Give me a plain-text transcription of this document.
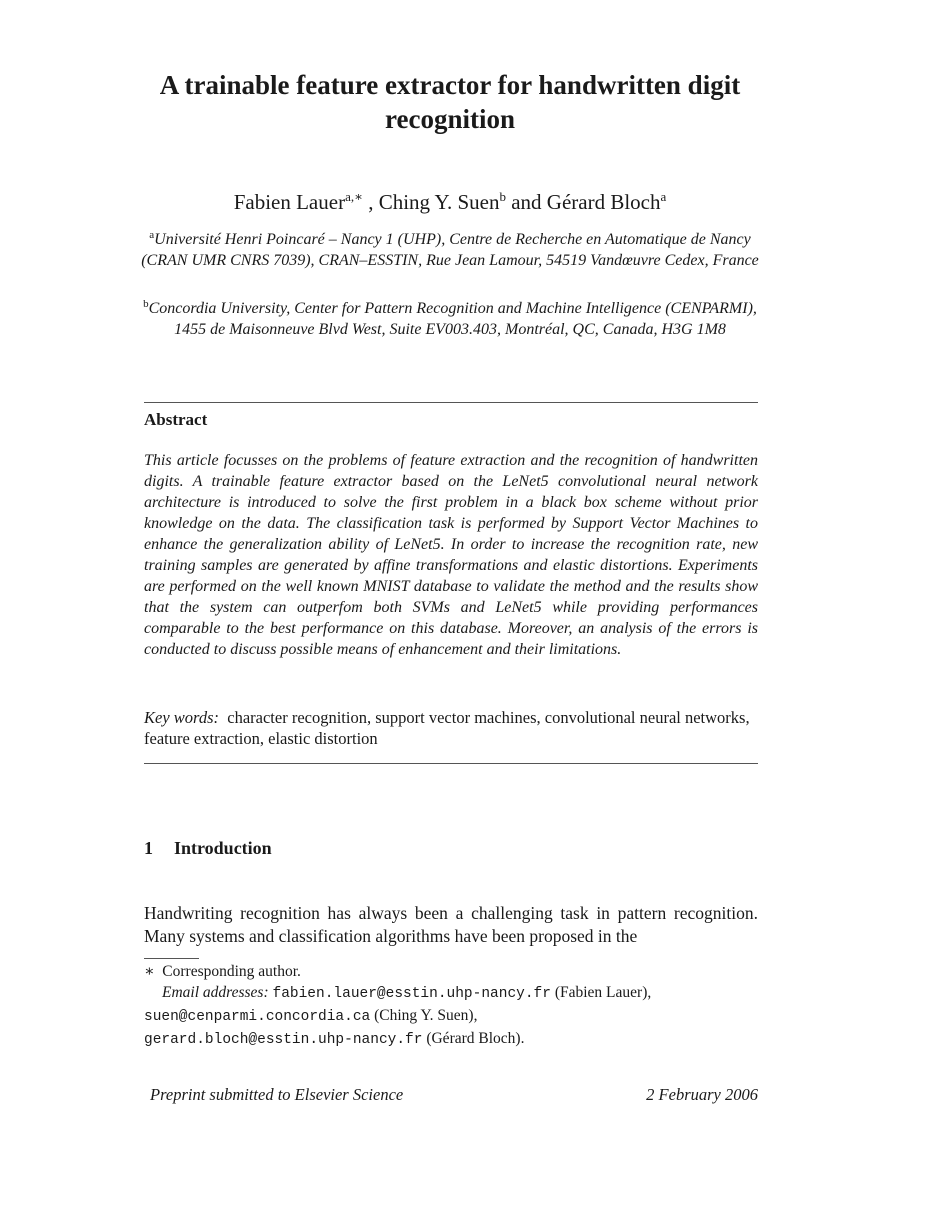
A trainable feature extractor for handwritten digit recognition
Fabien Lauer$^{a,∗}$ , Ching Y. Suen$^b$ and Gérard Bloch$^a$
$^a$Université Henri Poincaré – Nancy 1 (UHP), Centre de Recherche en Automatique de Nancy (CRAN UMR CNRS 7039), CRAN–ESSTIN, Rue Jean Lamour, 54519 Vandœuvre Cedex, France
$^b$Concordia University, Center for Pattern Recognition and Machine Intelligence (CENPARMI), 1455 de Maisonneuve Blvd West, Suite EV003.403, Montréal, QC, Canada, H3G 1M8
Abstract
This article focusses on the problems of feature extraction and the recognition of handwritten digits. A trainable feature extractor based on the LeNet5 convolutional neural network architecture is introduced to solve the first problem in a black box scheme without prior knowledge on the data. The classification task is performed by Support Vector Machines to enhance the generalization ability of LeNet5. In order to increase the recognition rate, new training samples are generated by affine transformations and elastic distortions. Experiments are performed on the well known MNIST database to validate the method and the results show that the system can outperfom both SVMs and LeNet5 while providing performances comparable to the best performance on this database. Moreover, an analysis of the errors is conducted to discuss possible means of enhancement and their limitations.
Key words: character recognition, support vector machines, convolutional neural networks, feature extraction, elastic distortion
1 Introduction
Handwriting recognition has always been a challenging task in pattern recognition. Many systems and classification algorithms have been proposed in the
∗ Corresponding author.
Email addresses: fabien.lauer@esstin.uhp-nancy.fr (Fabien Lauer),
suen@cenparmi.concordia.ca (Ching Y. Suen),
gerard.bloch@esstin.uhp-nancy.fr (Gérard Bloch).
Preprint submitted to Elsevier Science	2 February 2006
